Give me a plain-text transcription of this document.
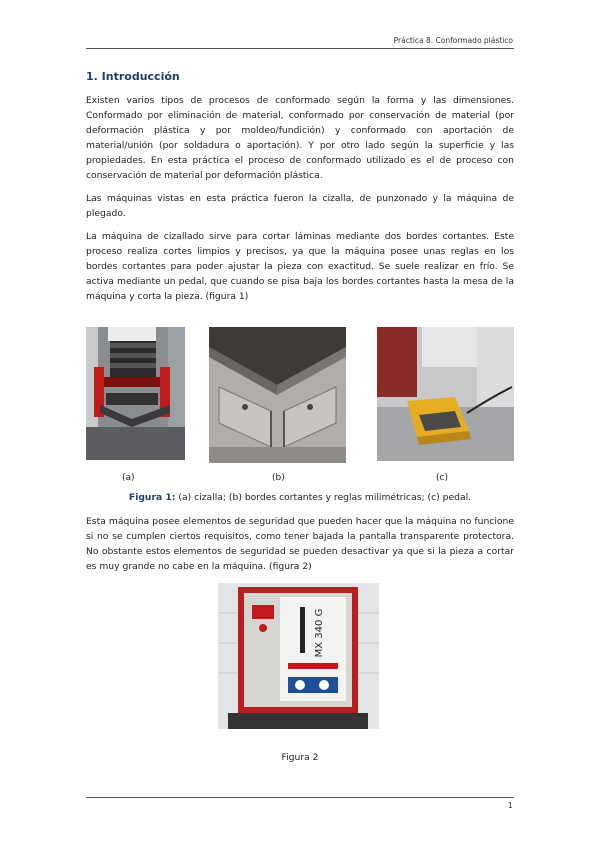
Práctica 8. Conformado plástico
1. Introducción

Existen varios tipos de procesos de conformado según la forma y las dimensiones. Conformado por eliminación de material, conformado por conservación de material (por deformación plástica y por moldeo/fundición) y conformado con aportación de material/unión (por soldadura o aportación). Y por otro lado según la superficie y las propiedades. En esta práctica el proceso de conformado utilizado es el de proceso con conservación de material por deformación plástica.

Las máquinas vistas en esta práctica fueron la cizalla, de punzonado y la máquina de plegado.

La máquina de cizallado sirve para cortar láminas mediante dos bordes cortantes. Este proceso realiza cortes limpios y precisos, ya que la máquina posee unas reglas en los bordes cortantes para poder ajustar la pieza con exactitud. Se suele realizar en frío. Se activa mediante un pedal, que cuando se pisa baja los bordes cortantes hasta la mesa de la máquina y corta la pieza. (figura 1)

(a)	(b)	(c)
Figura 1: (a) cizalla; (b) bordes cortantes y reglas milimétricas; (c) pedal.

Esta máquina posee elementos de seguridad que pueden hacer que la máquina no funcione si no se cumplen ciertos requisitos, como tener bajada la pantalla transparente protectora. No obstante estos elementos de seguridad se pueden desactivar ya que si la pieza a cortar es muy grande no cabe en la máquina. (figura 2)

MX 340 G
Figura 2
1
